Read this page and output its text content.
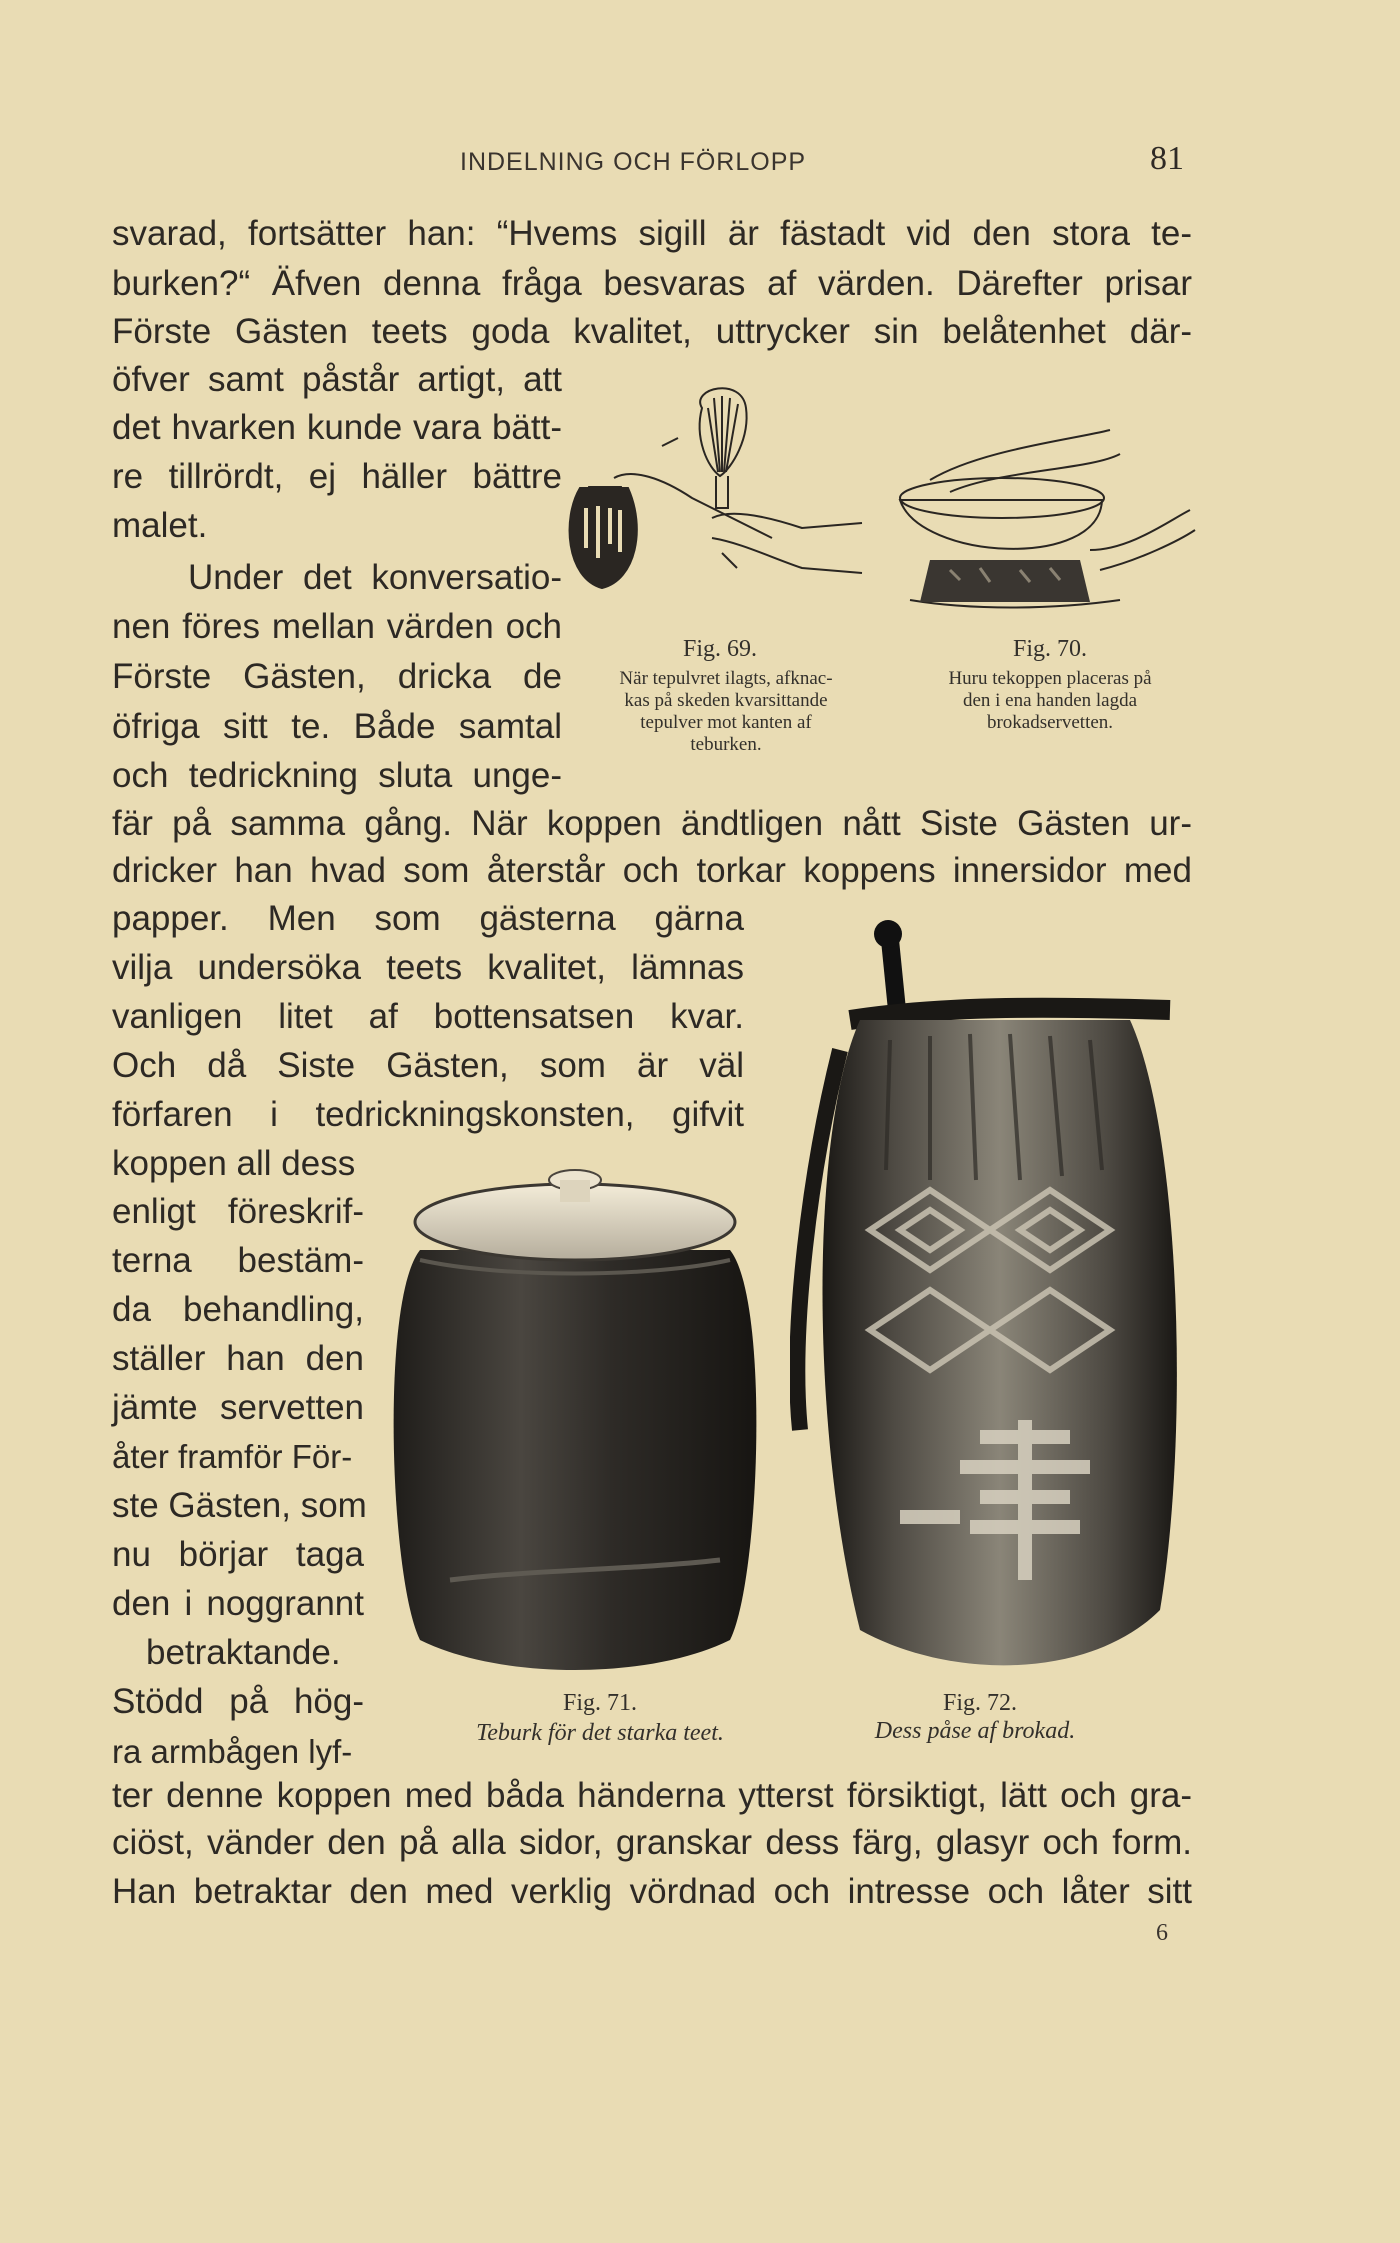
INDELNING OCH FÖRLOPP	81
svarad, fortsätter han: “Hvems sigill är fästadt vid den stora te-
burken?“ Äfven denna fråga besvaras af värden. Därefter prisar
Förste Gästen teets goda kvalitet, uttrycker sin belåtenhet där-
öfver samt påstår artigt, att
det hvarken kunde vara bätt-
re tillrördt, ej häller bättre
malet.
Under det konversatio-
nen föres mellan värden och
Förste Gästen, dricka de
öfriga sitt te. Både samtal
och tedrickning sluta unge-
fär på samma gång. När koppen ändtligen nått Siste Gästen ur-
dricker han hvad som återstår och torkar koppens innersidor med
papper. Men som gästerna gärna
vilja undersöka teets kvalitet, lämnas
vanligen litet af bottensatsen kvar.
Och då Siste Gästen, som är väl
förfaren i tedrickningskonsten, gifvit
koppen all dess
enligt föreskrif-
terna bestäm-
da behandling,
ställer han den
jämte servetten
åter framför För-
ste Gästen, som
nu börjar taga
den i noggrannt
betraktande.
Stödd på hög-
ra armbågen lyf-
ter denne koppen med båda händerna ytterst försiktigt, lätt och gra-
ciöst, vänder den på alla sidor, granskar dess färg, glasyr och form.
Han betraktar den med verklig vördnad och intresse och låter sitt
6
Fig. 69.
När tepulvret ilagts, afknac-
kas på skeden kvarsittande
tepulver mot kanten af
teburken.
Fig. 70.
Huru tekoppen placeras på
den i ena handen lagda
brokadservetten.
Fig. 71.	Fig. 72.
Teburk för det starka teet.	Dess påse af brokad.
